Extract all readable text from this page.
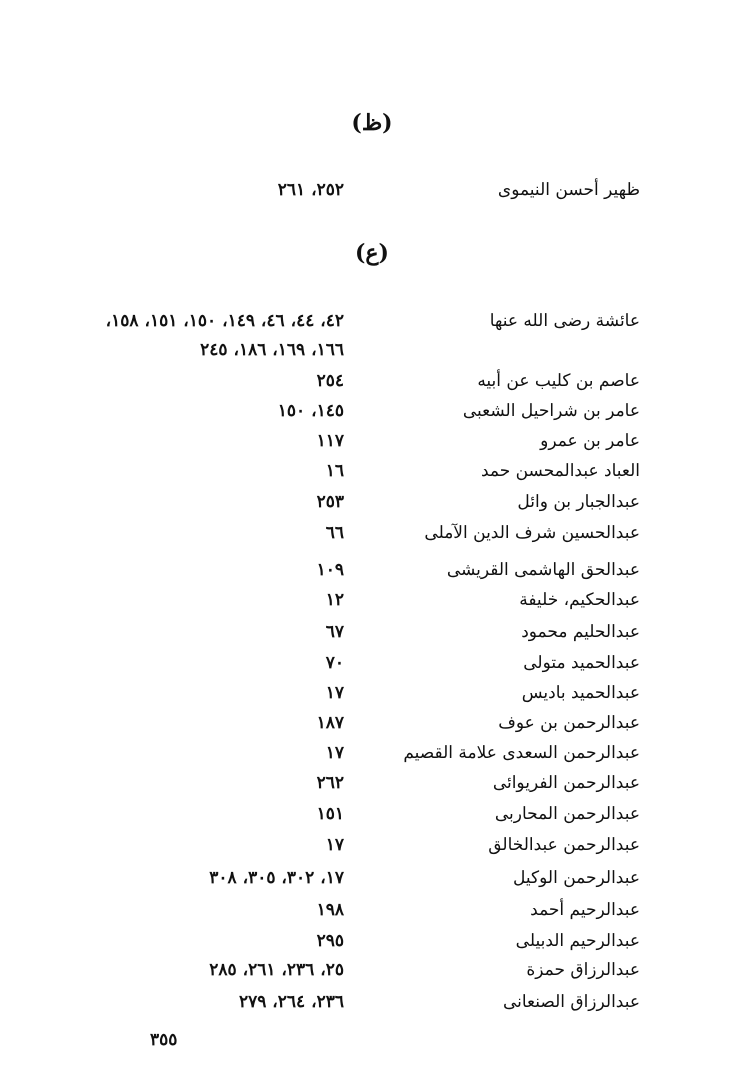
(ظ)
ظهير أحسن النيموى
٢٥٢، ٢٦١
(ع)
عائشة رضى الله عنها
٤٢، ٤٤، ٤٦، ١٤٩، ١٥٠، ١٥١، ١٥٨،
١٦٦، ١٦٩، ١٨٦، ٢٤٥
عاصم بن كليب عن أبيه
٢٥٤
عامر بن شراحيل الشعبى
١٤٥، ١٥٠
عامر بن عمرو
١١٧
العباد عبدالمحسن حمد
١٦
عبدالجبار بن وائل
٢٥٣
عبدالحسين شرف الدين الآملى
٦٦
عبدالحق الهاشمى القريشى
١٠٩
عبدالحكيم، خليفة
١٢
عبدالحليم محمود
٦٧
عبدالحميد متولى
٧٠
عبدالحميد باديس
١٧
عبدالرحمن بن عوف
١٨٧
عبدالرحمن السعدى علامة القصيم
١٧
عبدالرحمن الفريوائى
٢٦٢
عبدالرحمن المحاربى
١٥١
عبدالرحمن عبدالخالق
١٧
عبدالرحمن الوكيل
١٧، ٣٠٢، ٣٠٥، ٣٠٨
عبدالرحيم أحمد
١٩٨
عبدالرحيم الدبيلى
٢٩٥
عبدالرزاق حمزة
٢٥، ٢٣٦، ٢٦١، ٢٨٥
عبدالرزاق الصنعانى
٢٣٦، ٢٦٤، ٢٧٩
٣٥٥
